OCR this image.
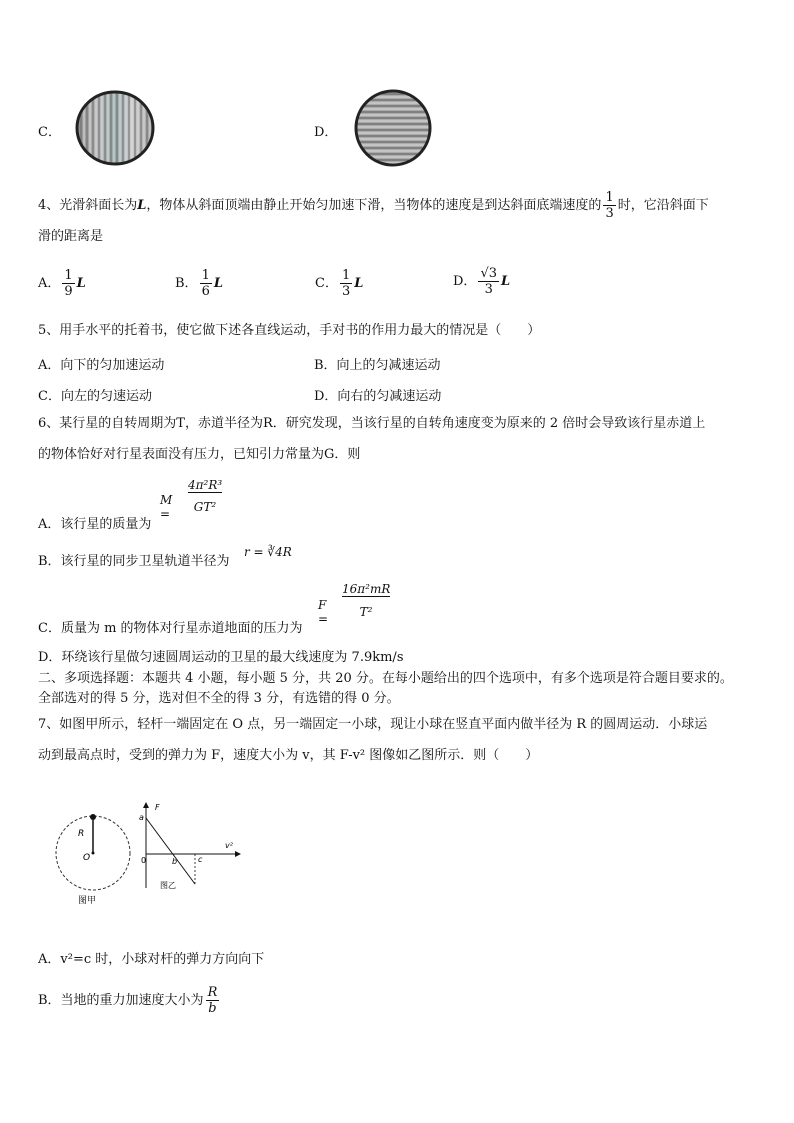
C．	D．
4、光滑斜面长为L，物体从斜面顶端由静止开始匀加速下滑，当物体的速度是到达斜面底端速度的 $\frac{1}{3}$ 时，它沿斜面下
滑的距离是
A． $\frac{1}{9}$ L	B． $\frac{1}{6}$ L	C． $\frac{1}{3}$ L	D． $\frac{√3}{3}$ L
5、用手水平的托着书，使它做下述各直线运动，手对书的作用力最大的情况是（　　）
A．向下的匀加速运动	B．向上的匀减速运动
C．向左的匀速运动	D．向右的匀减速运动
6、某行星的自转周期为T，赤道半径为R．研究发现，当该行星的自转角速度变为原来的 2 倍时会导致该行星赤道上
的物体恰好对行星表面没有压力，已知引力常量为G．则
A．该行星的质量为
M =
4π²R³
GT²
B．该行星的同步卫星轨道半径为
r = ∛4R
C．质量为 m 的物体对行星赤道地面的压力为
F =
16π²mR
T²
D．环绕该行星做匀速圆周运动的卫星的最大线速度为 7.9km/s
二、多项选择题：本题共 4 小题，每小题 5 分，共 20 分。在每小题给出的四个选项中，有多个选项是符合题目要求的。
全部选对的得 5 分，选对但不全的得 3 分，有选错的得 0 分。
7、如图甲所示，轻杆一端固定在 O 点，另一端固定一小球，现让小球在竖直平面内做半径为 R 的圆周运动．小球运
动到最高点时，受到的弹力为 F，速度大小为 v，其 F-v² 图像如乙图所示．则（　　）
R
O
图甲
F
a
0	b	c
v²
图乙
A．v²=c 时，小球对杆的弹力方向向下
B．当地的重力加速度大小为 $\frac{R}{b}$
